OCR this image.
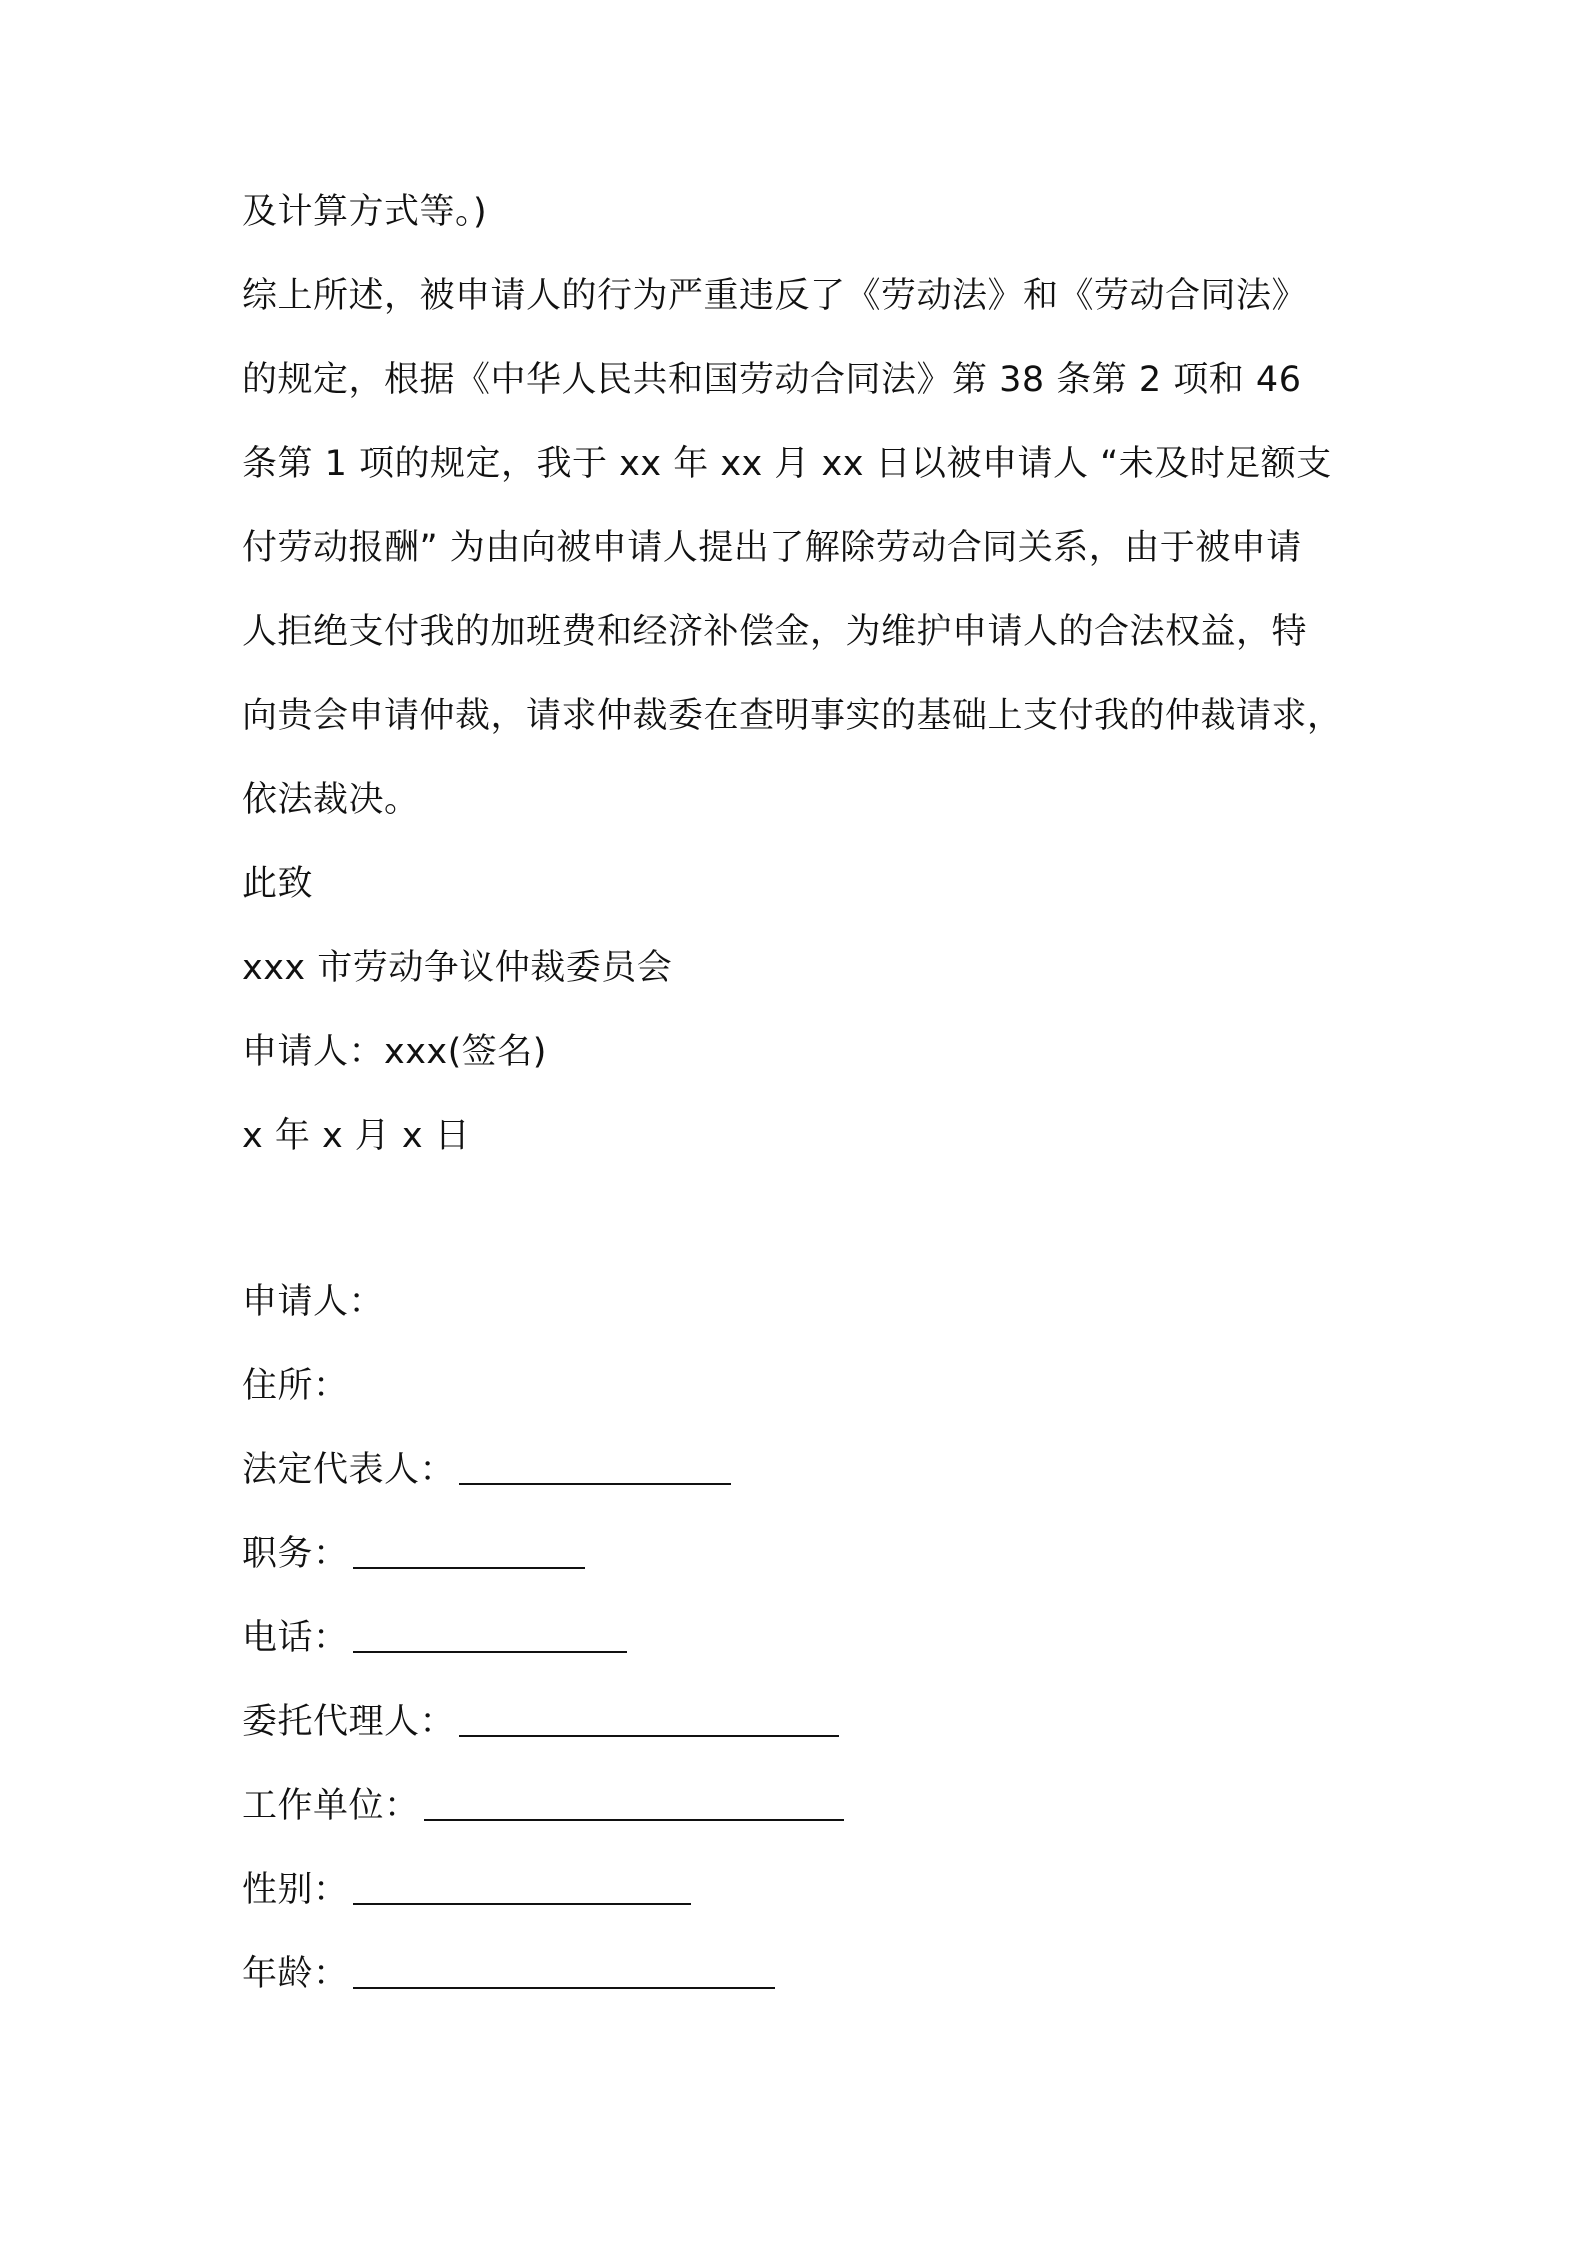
及计算方式等。)
综上所述，被申请人的行为严重违反了《劳动法》和《劳动合同法》
的规定，根据《中华人民共和国劳动合同法》第 38 条第 2 项和 46
条第 1 项的规定，我于 xx 年 xx 月 xx 日以被申请人 “未及时足额支
付劳动报酬” 为由向被申请人提出了解除劳动合同关系，由于被申请
人拒绝支付我的加班费和经济补偿金，为维护申请人的合法权益，特
向贵会申请仲裁，请求仲裁委在查明事实的基础上支付我的仲裁请求，
依法裁决。
此致
xxx 市劳动争议仲裁委员会
申请人：xxx(签名)
x 年 x 月 x 日
申请人：
住所：
法定代表人：
职务：
电话：
委托代理人：
工作单位：
性别：
年龄：
